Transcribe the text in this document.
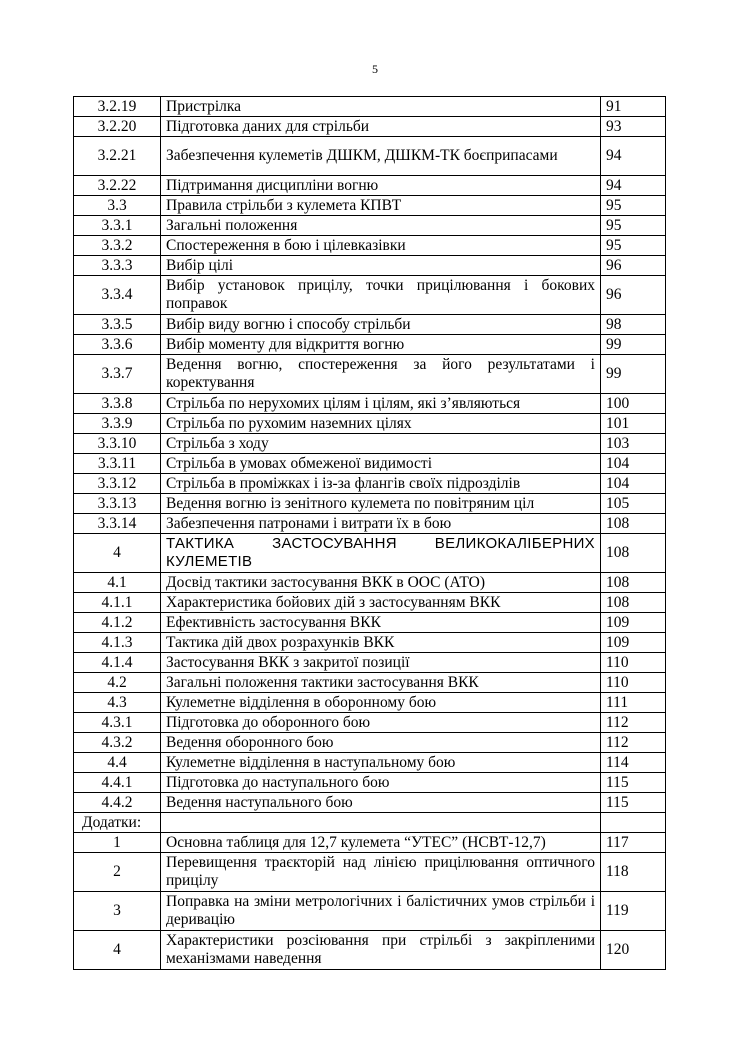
5
3.2.19	Пристрілка	91
3.2.20	Підготовка даних для стрільби	93
3.2.21	Забезпечення кулеметів ДШКМ, ДШКМ-ТК боєприпасами	94
3.2.22	Підтримання дисципліни вогню	94
3.3	Правила стрільби з кулемета КПВТ	95
3.3.1	Загальні положення	95
3.3.2	Спостереження в бою і цілевказівки	95
3.3.3	Вибір цілі	96
3.3.4	Вибір установок прицілу, точки прицілювання і бокових поправок	96
3.3.5	Вибір виду вогню і способу стрільби	98
3.3.6	Вибір моменту для відкриття вогню	99
3.3.7	Ведення вогню, спостереження за його результатами і коректування	99
3.3.8	Стрільба по нерухомих цілям і цілям, які з’являються	100
3.3.9	Стрільба по рухомим наземних цілях	101
3.3.10	Стрільба з ходу	103
3.3.11	Стрільба в умовах обмеженої видимості	104
3.3.12	Стрільба в проміжках і із-за флангів своїх підрозділів	104
3.3.13	Ведення вогню із зенітного кулемета по повітряним ціл	105
3.3.14	Забезпечення патронами і витрати їх в бою	108
4	ТАКТИКА ЗАСТОСУВАННЯ ВЕЛИКОКАЛІБЕРНИХ КУЛЕМЕТІВ	108
4.1	Досвід тактики застосування ВКК в ООС (АТО)	108
4.1.1	Характеристика бойових дій з застосуванням ВКК	108
4.1.2	Ефективність застосування ВКК	109
4.1.3	Тактика дій двох розрахунків ВКК	109
4.1.4	Застосування ВКК з закритої позиції	110
4.2	Загальні положення тактики застосування ВКК	110
4.3	Кулеметне відділення в оборонному бою	111
4.3.1	Підготовка до оборонного бою	112
4.3.2	Ведення оборонного бою	112
4.4	Кулеметне відділення в наступальному бою	114
4.4.1	Підготовка до наступального бою	115
4.4.2	Ведення наступального бою	115
Додатки:		
1	Основна таблиця для 12,7 кулемета “УТЕС” (НСВТ-12,7)	117
2	Перевищення траєкторій над лінією прицілювання оптичного прицілу	118
3	Поправка на зміни метрологічних і балістичних умов стрільби і деривацію	119
4	Характеристики розсіювання при стрільбі з закріпленими механізмами наведення	120
